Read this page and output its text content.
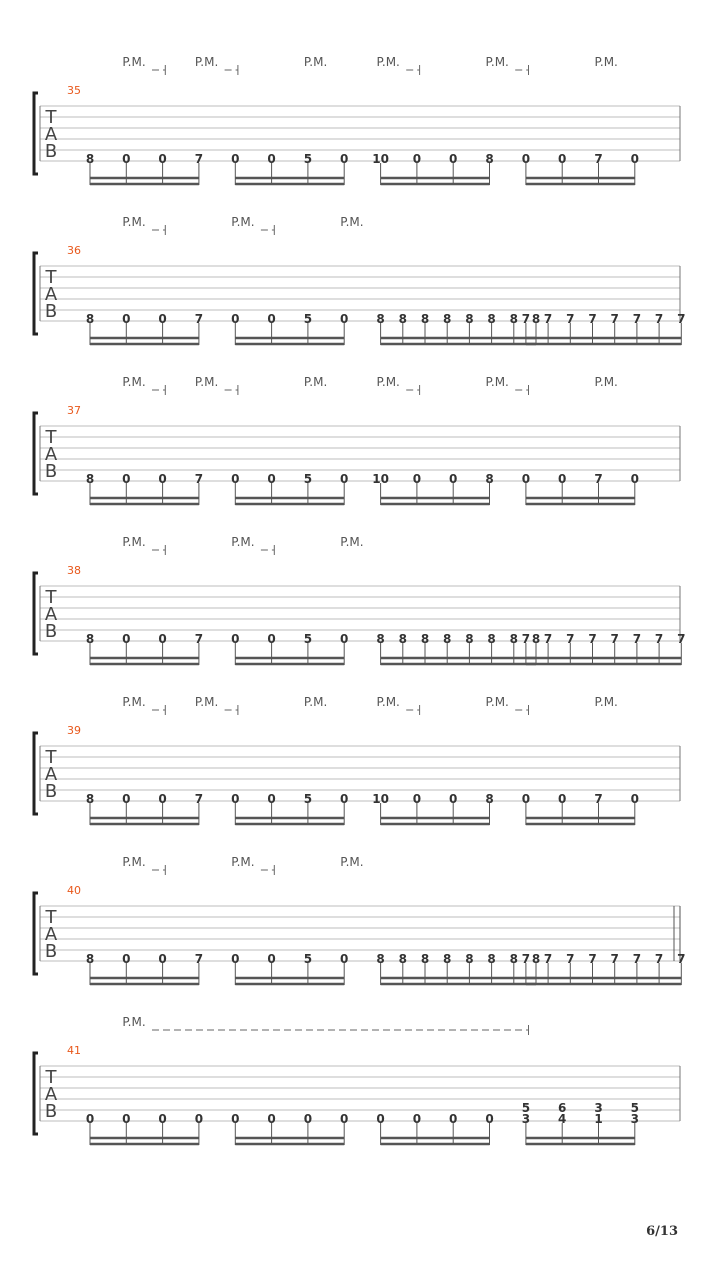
T
A
B
35
8 0 0 7 0 0 5 0 10 0 0 8 0 0 7 0
P.M.	P.M.	P.M.	P.M.	P.M.	P.M.
T
A
B
36
8 0 0 7 0 0 5 0 8 8 8 8 8 8 8 8
7 7 7 7 7 7 7 7
P.M.	P.M.	P.M.
T
A
B
37
8 0 0 7 0 0 5 0 10 0 0 8 0 0 7 0
P.M.	P.M.	P.M.	P.M.	P.M.	P.M.
T
A
B
38
8 0 0 7 0 0 5 0 8 8 8 8 8 8 8 8
7 7 7 7 7 7 7 7
P.M.	P.M.	P.M.
T
A
B
39
8 0 0 7 0 0 5 0 10 0 0 8 0 0 7 0
P.M.	P.M.	P.M.	P.M.	P.M.	P.M.
T
A
B
40
8 0 0 7 0 0 5 0 8 8 8 8 8 8 8 8
7 7 7 7 7 7 7 7
P.M.	P.M.	P.M.
T
A
B
41
0 0 0 0 0 0 0 0 0 0 0 0
5
3
6
4
3
1
5
3
P.M.
6/13
